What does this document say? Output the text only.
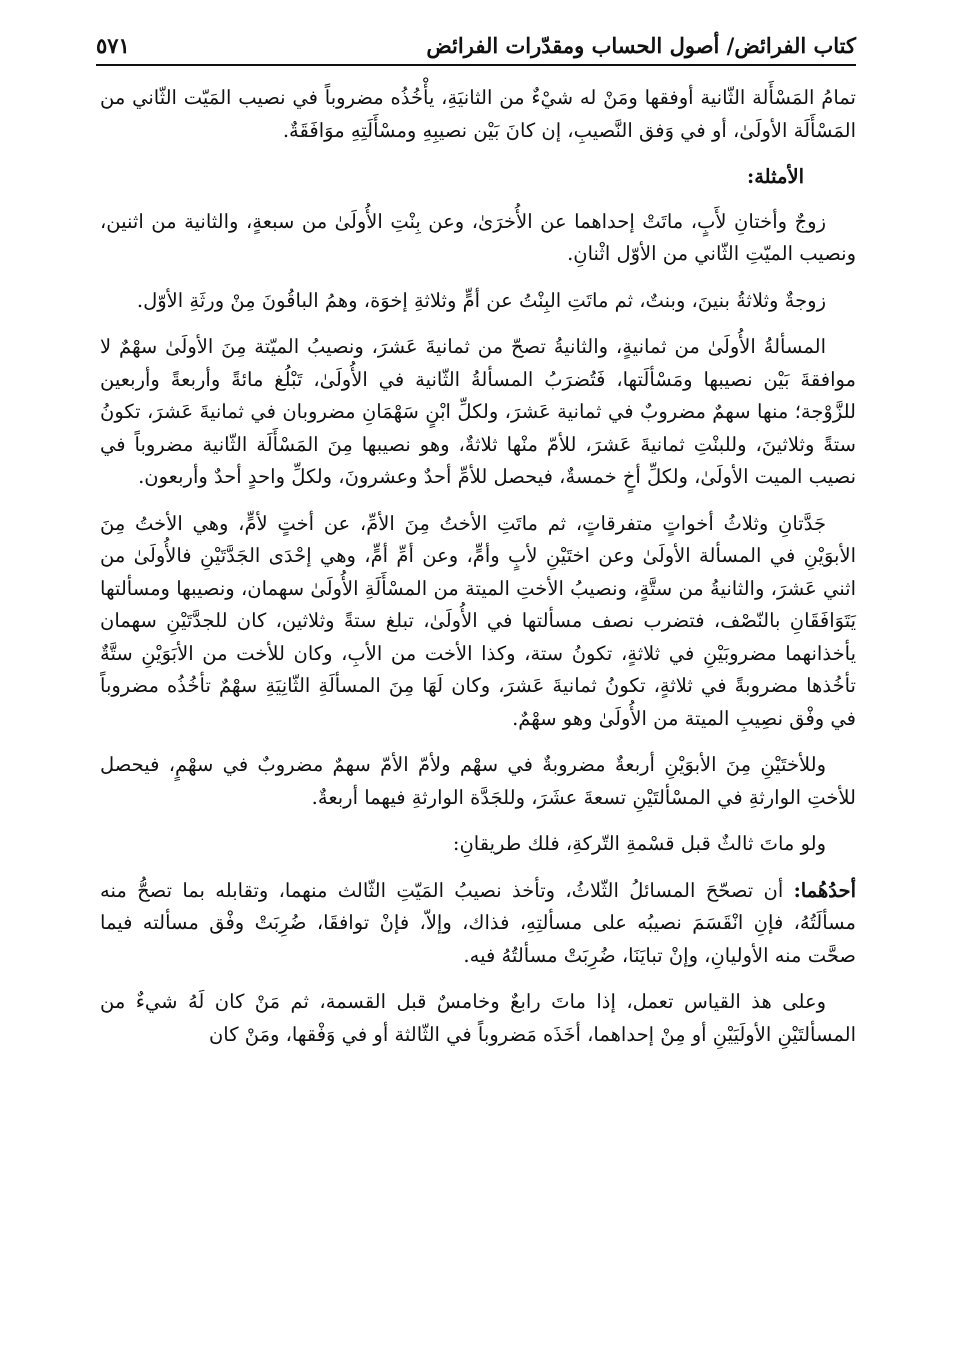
كتاب الفرائض/ أصول الحساب ومقدّرات الفرائض
٥٧١

تمامُ المَسْأَلة الثّانية أوفقها ومَنْ له شيْءٌ من الثانيَةِ، يأْخُذُه مضروباً في نصيب المَيّت الثّاني من المَسْأَلَة الأولَىٰ، أو في وَفق النَّصيبِ، إن كانَ بَيْن نصيبِهِ ومسْأَلَتِهِ موَافَقَةٌ.

الأمثلة:

زوجٌ وأختانِ لأَبٍ، ماتَتْ إحداهما عن الأُخرَىٰ، وعن بِنْتِ الأُولَىٰ من سبعةٍ، والثانية من اثنين، ونصيب الميّتِ الثّاني من الأوّل اثْنانِ.

زوجةٌ وثلاثةُ بنينَ، وبنتٌ، ثم ماتَتِ البِنْتُ عن أمٍّ وثلاثةِ إخوَة، وهمُ الباقُونَ مِنْ ورثَةِ الأوّل.

المسألةُ الأُولَىٰ من ثمانيةٍ، والثانيةُ تصحّ من ثمانيةَ عَشرَ، ونصيبُ الميّتة مِنَ الأولَىٰ سهْمٌ لا موافقةَ بَيْن نصيبها ومَسْألَتها، فَتُضرَبُ المسألةُ الثّانية في الأُولَىٰ، تَبْلُغ مائةً وأربعةً وأربعين للزَّوْجة؛ منها سهمٌ مضروبٌ في ثمانية عَشرَ، ولكلِّ ابْنٍ سَهْمَانِ مضروبان في ثمانيةَ عَشرَ، تكونُ ستةً وثلاثينَ، وللبنْتِ ثمانيةَ عَشرَ، للأمّ منْها ثلاثةٌ، وهو نصيبها مِنَ المَسْأَلَة الثّانية مضروباً في نصيب الميت الأولَىٰ، ولكلِّ أخٍ خمسةٌ، فيحصل للأمِّ أحدٌ وعشرونَ، ولكلِّ واحدٍ أحدٌ وأربعون.

جَدَّتانِ وثلاثُ أخواتٍ متفرقاتٍ، ثم ماتَتِ الأختُ مِنَ الأمِّ، عن أختٍ لأمٍّ، وهي الأختُ مِنَ الأبوَيْنِ في المسألة الأولَىٰ وعن اختَيْنِ لأبٍ وأمٍّ، وعن أمِّ أمٍّ، وهي إحْدَى الجَدَّتَيْنِ فالأُولَىٰ من اثني عَشرَ، والثانيةُ من ستَّةٍ، ونصيبُ الأختِ الميتة من المسْأَلَةِ الأُولَىٰ سهمان، ونصيبها ومسألتها يَتَوَافَقَانِ بالنّصْف، فتضرب نصف مسألتها في الأُولَىٰ، تبلغ ستةً وثلاثين، كان للجدَّتَيْنِ سهمان يأخذانهما مضروبَيْنِ في ثلاثةٍ، تكونُ ستة، وكذا الأخت من الأبِ، وكان للأخت من الأبَوَيْنِ ستَّةٌ تأخُذها مضروبةً في ثلاثةٍ، تكونُ ثمانيةَ عَشرَ، وكان لَهَا مِنَ المسألَةِ الثّانِيَةِ سهْمٌ تأخُذُه مضروباً في وفْق نصِيبِ الميتة من الأُولَىٰ وهو سهْمٌ.

وللأختَيْنِ مِنَ الأبوَيْنِ أربعةٌ مضروبةٌ في سهْم ولأمّ الأمّ سهمٌ مضروبٌ في سهْمٍ، فيحصل للأختِ الوارثةِ في المسْألتَيْنِ تسعةَ عشَرَ، وللجَدَّة الوارثةِ فيهما أربعةٌ.

ولو ماتَ ثالثٌ قبل قسْمةِ التّركةِ، فلك طريقانِ:

أحدُهُما: أن تصحّحَ المسائلُ الثّلاثُ، وتأخذ نصيبُ المَيّتِ الثّالث منهما، وتقابله بما تصحُّ منه مسألَتُهُ، فإنِ انْقَسَمَ نصيبُه على مسألتِهِ، فذاك، وإلاّ، فإنْ توافقَا، ضُرِبَتْ وفْق مسألته فيما صحَّت منه الأوليانِ، وإنْ تبايَنَا، ضُرِبَتْ مسألتُهُ فيه.

وعلى هذ القياس تعمل، إذا ماتَ رابعٌ وخامسٌ قبل القسمة، ثم مَنْ كان لَهُ شيءٌ من المسألتَيْنِ الأولَيَيْنِ أو مِنْ إحداهما، أخَذَه مَضروباً في الثّالثة أو في وَفْقها، ومَنْ كان
